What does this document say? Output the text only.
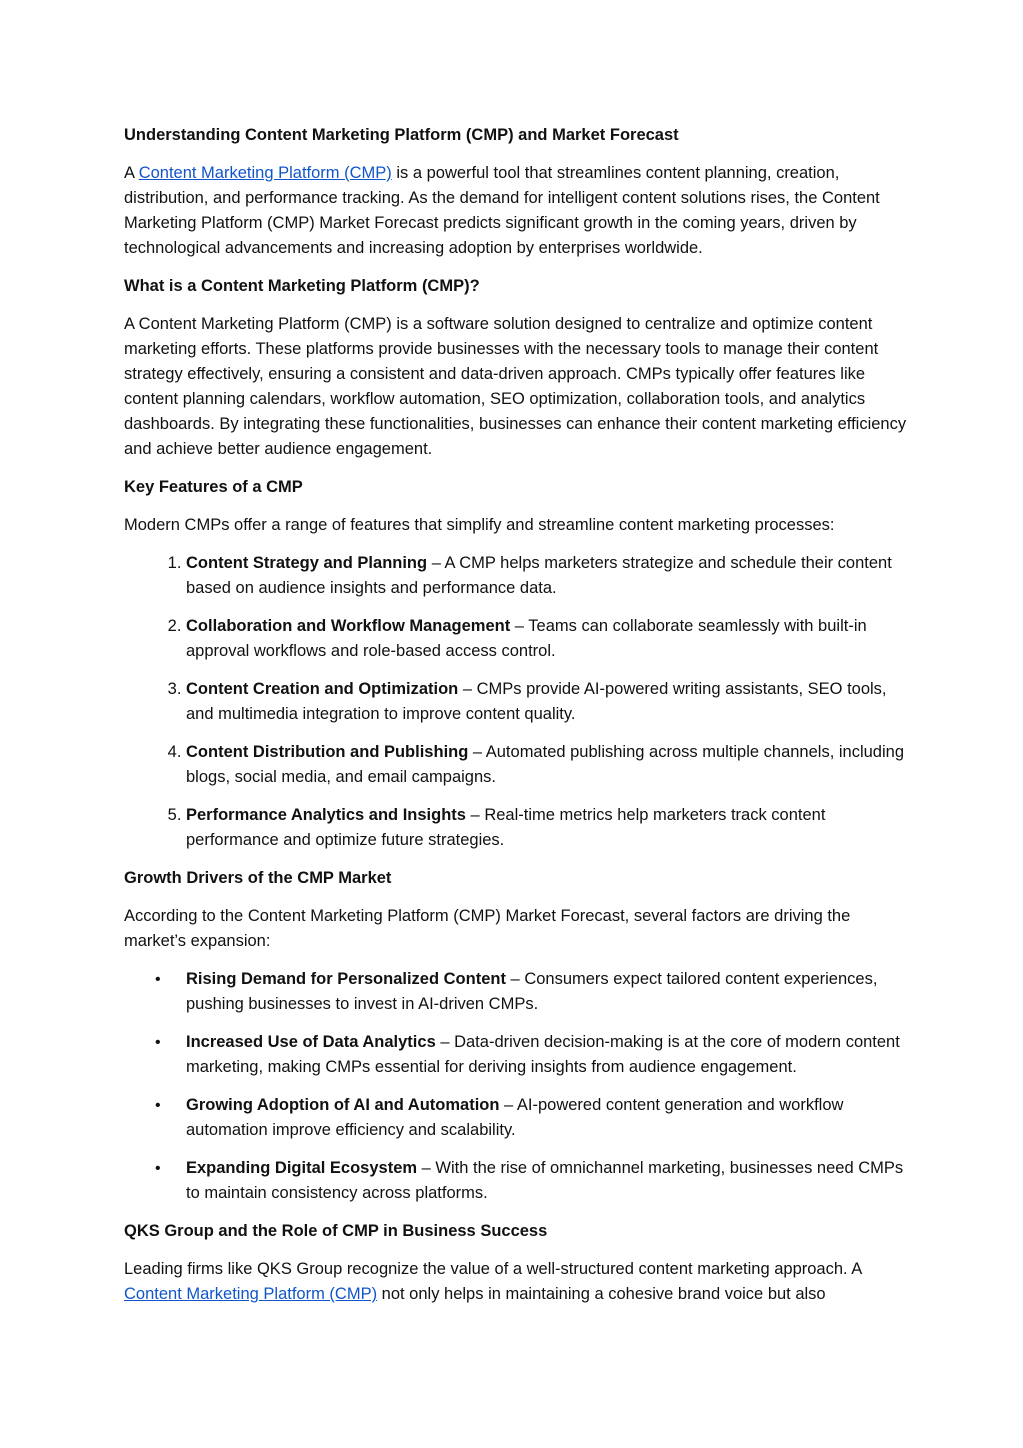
Understanding Content Marketing Platform (CMP) and Market Forecast

A Content Marketing Platform (CMP) is a powerful tool that streamlines content planning, creation, distribution, and performance tracking. As the demand for intelligent content solutions rises, the Content Marketing Platform (CMP) Market Forecast predicts significant growth in the coming years, driven by technological advancements and increasing adoption by enterprises worldwide.

What is a Content Marketing Platform (CMP)?

A Content Marketing Platform (CMP) is a software solution designed to centralize and optimize content marketing efforts. These platforms provide businesses with the necessary tools to manage their content strategy effectively, ensuring a consistent and data-driven approach. CMPs typically offer features like content planning calendars, workflow automation, SEO optimization, collaboration tools, and analytics dashboards. By integrating these functionalities, businesses can enhance their content marketing efficiency and achieve better audience engagement.

Key Features of a CMP

Modern CMPs offer a range of features that simplify and streamline content marketing processes:

1. Content Strategy and Planning – A CMP helps marketers strategize and schedule their content based on audience insights and performance data.
2. Collaboration and Workflow Management – Teams can collaborate seamlessly with built-in approval workflows and role-based access control.
3. Content Creation and Optimization – CMPs provide AI-powered writing assistants, SEO tools, and multimedia integration to improve content quality.
4. Content Distribution and Publishing – Automated publishing across multiple channels, including blogs, social media, and email campaigns.
5. Performance Analytics and Insights – Real-time metrics help marketers track content performance and optimize future strategies.
Growth Drivers of the CMP Market

According to the Content Marketing Platform (CMP) Market Forecast, several factors are driving the market’s expansion:

• Rising Demand for Personalized Content – Consumers expect tailored content experiences, pushing businesses to invest in AI-driven CMPs.
• Increased Use of Data Analytics – Data-driven decision-making is at the core of modern content marketing, making CMPs essential for deriving insights from audience engagement.
• Growing Adoption of AI and Automation – AI-powered content generation and workflow automation improve efficiency and scalability.
• Expanding Digital Ecosystem – With the rise of omnichannel marketing, businesses need CMPs to maintain consistency across platforms.
QKS Group and the Role of CMP in Business Success

Leading firms like QKS Group recognize the value of a well-structured content marketing approach. A Content Marketing Platform (CMP) not only helps in maintaining a cohesive brand voice but also
